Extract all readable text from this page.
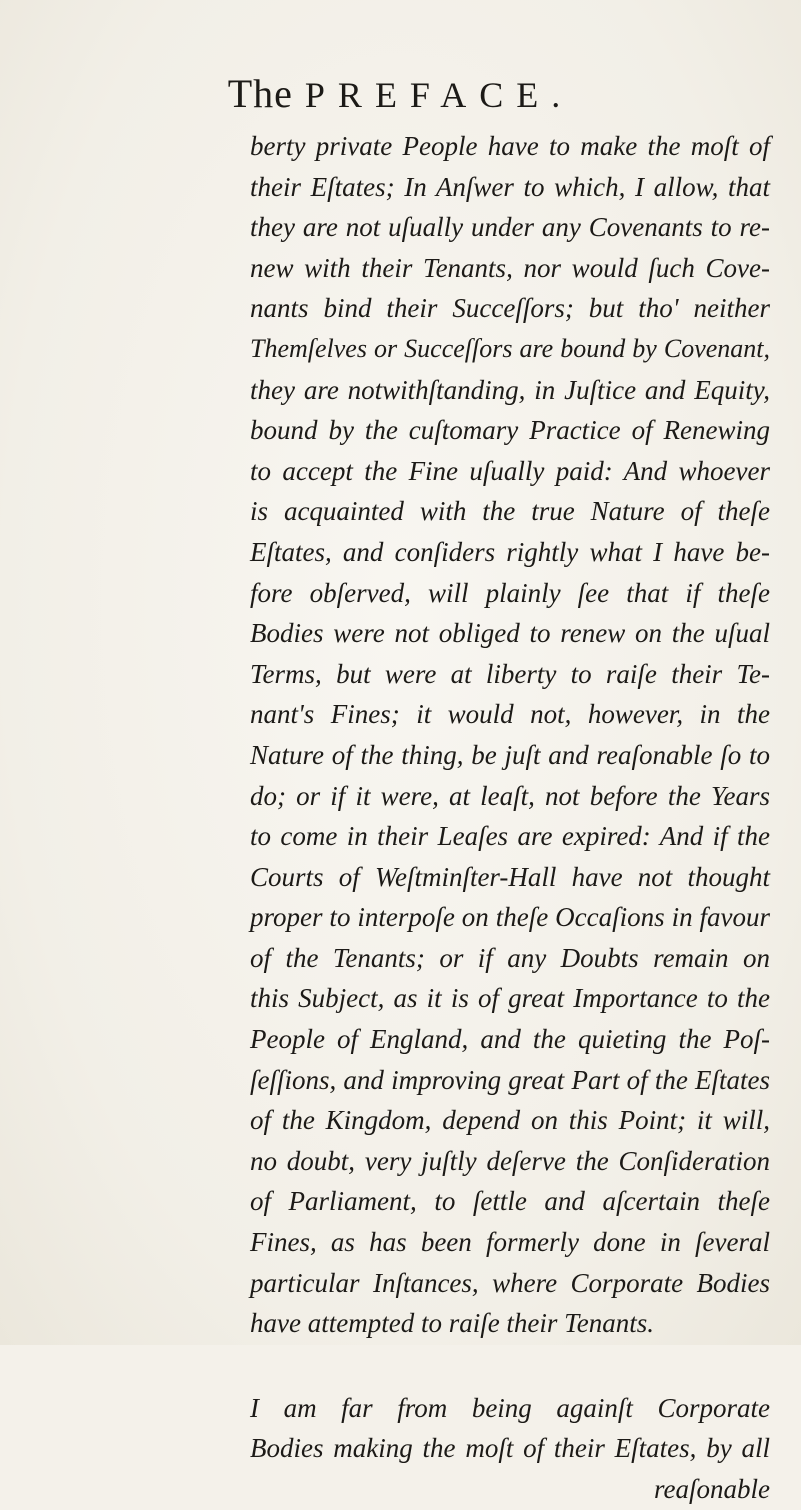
The PREFACE.
berty private People have to make the moſt of
their Eſtates; In Anſwer to which, I allow, that
they are not uſually under any Covenants to re-
new with their Tenants, nor would ſuch Cove-
nants bind their Succeſſors; but tho' neither
Themſelves or Succeſſors are bound by Covenant,
they are notwithſtanding, in Juſtice and Equity,
bound by the cuſtomary Practice of Renewing
to accept the Fine uſually paid: And whoever
is acquainted with the true Nature of theſe
Eſtates, and conſiders rightly what I have be-
fore obſerved, will plainly ſee that if theſe
Bodies were not obliged to renew on the uſual
Terms, but were at liberty to raiſe their Te-
nant's Fines; it would not, however, in the
Nature of the thing, be juſt and reaſonable ſo to
do; or if it were, at leaſt, not before the Years
to come in their Leaſes are expired: And if the
Courts of Weſtminſter-Hall have not thought
proper to interpoſe on theſe Occaſions in favour
of the Tenants; or if any Doubts remain on
this Subject, as it is of great Importance to the
People of England, and the quieting the Poſ-
ſeſſions, and improving great Part of the Eſtates
of the Kingdom, depend on this Point; it will,
no doubt, very juſtly deſerve the Conſideration
of Parliament, to ſettle and aſcertain theſe
Fines, as has been formerly done in ſeveral
particular Inſtances, where Corporate Bodies
have attempted to raiſe their Tenants.
I am far from being againſt Corporate
Bodies making the moſt of their Eſtates, by all
reaſonable
